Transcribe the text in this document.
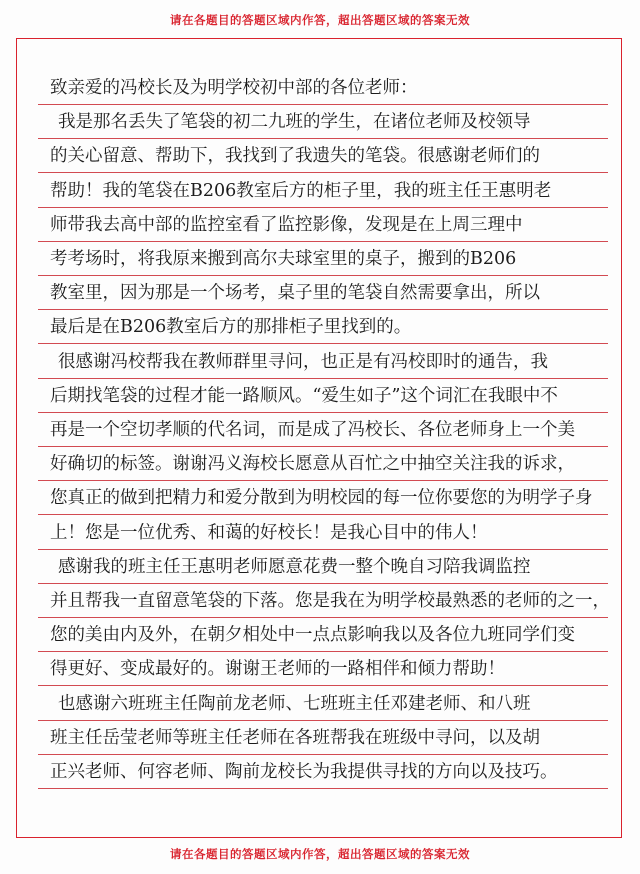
请在各题目的答题区域内作答，超出答题区域的答案无效
致亲爱的冯校长及为明学校初中部的各位老师：
我是那名丢失了笔袋的初二九班的学生，在诸位老师及校领导
的关心留意、帮助下，我找到了我遗失的笔袋。很感谢老师们的
帮助！我的笔袋在B206教室后方的柜子里，我的班主任王惠明老
师带我去高中部的监控室看了监控影像，发现是在上周三理中
考考场时，将我原来搬到高尔夫球室里的桌子，搬到的B206
教室里，因为那是一个场考，桌子里的笔袋自然需要拿出，所以
最后是在B206教室后方的那排柜子里找到的。
很感谢冯校帮我在教师群里寻问，也正是有冯校即时的通告，我
后期找笔袋的过程才能一路顺风。“爱生如子”这个词汇在我眼中不
再是一个空切孝顺的代名词，而是成了冯校长、各位老师身上一个美
好确切的标签。谢谢冯义海校长愿意从百忙之中抽空关注我的诉求，
您真正的做到把精力和爱分散到为明校园的每一位你要您的为明学子身
上！您是一位优秀、和蔼的好校长！是我心目中的伟人！
感谢我的班主任王惠明老师愿意花费一整个晚自习陪我调监控
并且帮我一直留意笔袋的下落。您是我在为明学校最熟悉的老师的之一，
您的美由内及外，在朝夕相处中一点点影响我以及各位九班同学们变
得更好、变成最好的。谢谢王老师的一路相伴和倾力帮助！
也感谢六班班主任陶前龙老师、七班班主任邓建老师、和八班
班主任岳莹老师等班主任老师在各班帮我在班级中寻问，以及胡
正兴老师、何容老师、陶前龙校长为我提供寻找的方向以及技巧。
请在各题目的答题区域内作答，超出答题区域的答案无效
